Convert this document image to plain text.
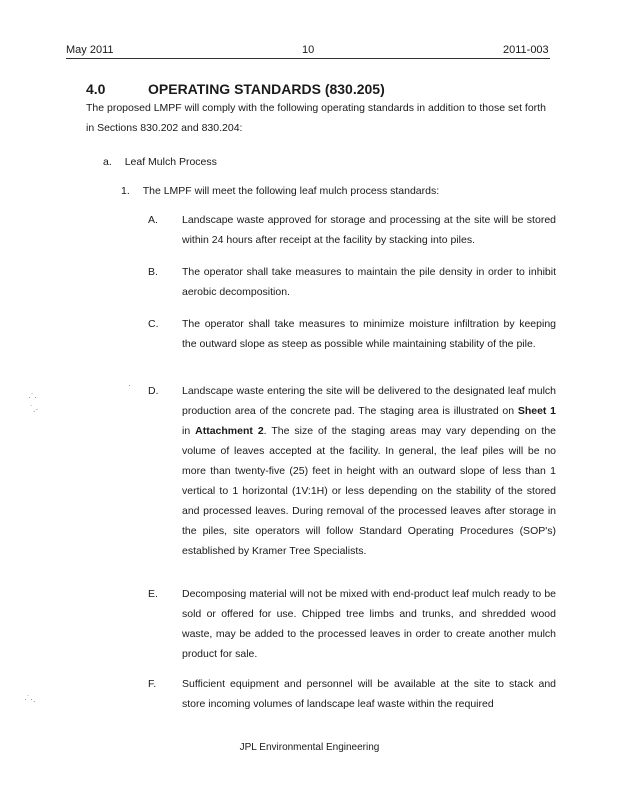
May 2011	10	2011-003
4.0	OPERATING STANDARDS (830.205)
The proposed LMPF will comply with the following operating standards in addition to those set forth in Sections 830.202 and 830.204:
a. Leaf Mulch Process
1. The LMPF will meet the following leaf mulch process standards:
A. Landscape waste approved for storage and processing at the site will be stored within 24 hours after receipt at the facility by stacking into piles.
B. The operator shall take measures to maintain the pile density in order to inhibit aerobic decomposition.
C. The operator shall take measures to minimize moisture infiltration by keeping the outward slope as steep as possible while maintaining stability of the pile.
D. Landscape waste entering the site will be delivered to the designated leaf mulch production area of the concrete pad. The staging area is illustrated on Sheet 1 in Attachment 2. The size of the staging areas may vary depending on the volume of leaves accepted at the facility. In general, the leaf piles will be no more than twenty-five (25) feet in height with an outward slope of less than 1 vertical to 1 horizontal (1V:1H) or less depending on the stability of the stored and processed leaves. During removal of the processed leaves after storage in the piles, site operators will follow Standard Operating Procedures (SOP's) established by Kramer Tree Specialists.
E. Decomposing material will not be mixed with end-product leaf mulch ready to be sold or offered for use. Chipped tree limbs and trunks, and shredded wood waste, may be added to the processed leaves in order to create another mulch product for sale.
F. Sufficient equipment and personnel will be available at the site to stack and store incoming volumes of landscape leaf waste within the required
·˙·
˙.·
·˙·.
·
JPL Environmental Engineering
